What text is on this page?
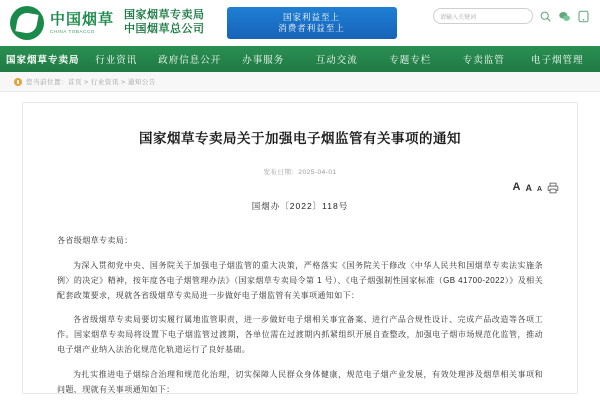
中国烟草
CHINA TOBACCO
国家烟草专卖局
中国烟草总公司
国家利益至上
消费者利益至上
请输入关键词
国家烟草专卖局	行业资讯	政府信息公开	办事服务	互动交流	专题专栏	专卖监管	电子烟管理
您当前位置：首页 > 行业资讯 > 通知公告
国家烟草专卖局关于加强电子烟监管有关事项的通知
发布日期：2025-04-01
A A A
国烟办〔2022〕118号

各省级烟草专卖局：

为深入贯彻党中央、国务院关于加强电子烟监管的重大决策，严格落实《国务院关于修改〈中华人民共和国烟草专卖法实施条例〉的决定》精神，按年度各电子烟管理办法》（国家烟草专卖局令第 1 号）、《电子烟强制性国家标准（GB 41700-2022）》及相关配套政策要求，现就各省级烟草专卖局进一步做好电子烟监管有关事项通知如下：

各省级烟草专卖局要切实履行属地监管职责，进一步做好电子烟相关事宜备案、进行产品合规性设计、完成产品改造等各项工作。国家烟草专卖局将设置下电子烟监管过渡期，各单位需在过渡期内抓紧组织开展自查整改，加强电子烟市场规范化监管，推动电子烟产业纳入法治化规范化轨道运行了良好基础。

为扎实推进电子烟综合治理和规范化治理，切实保障人民群众身体健康，规范电子烟产业发展，有效处理涉及烟草相关事项和问题，现就有关事项通知如下：
